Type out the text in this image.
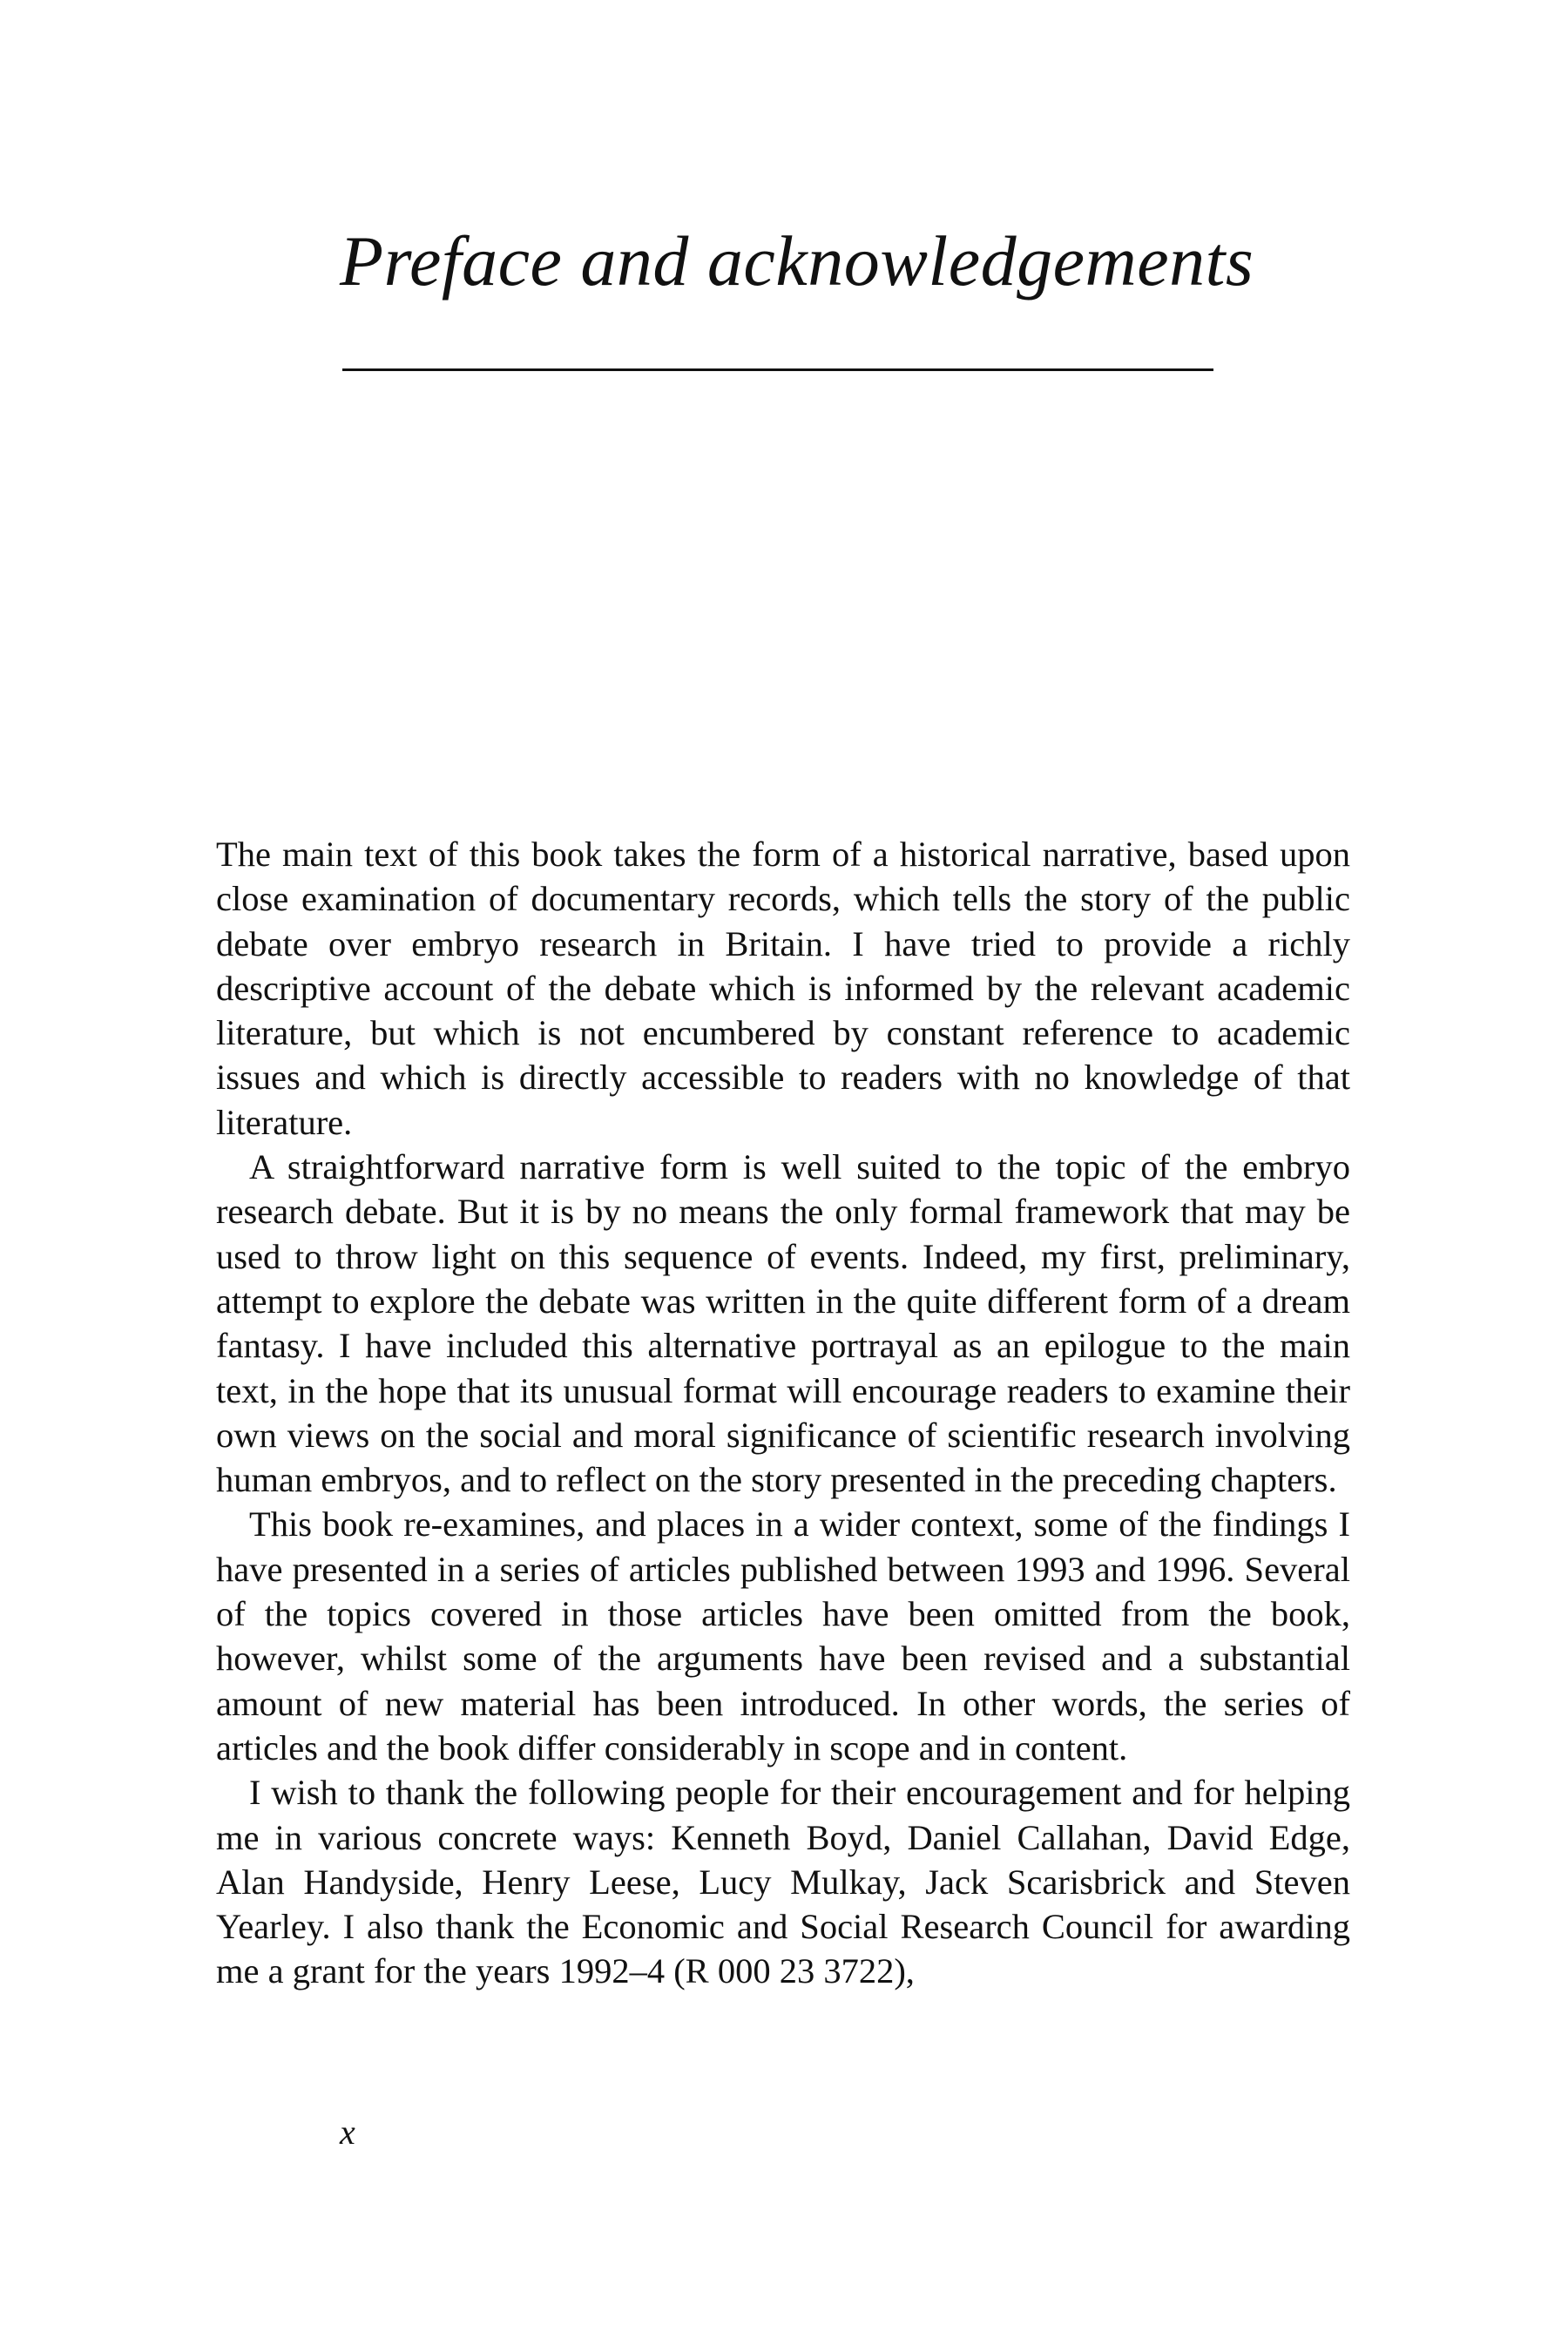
Preface and acknowledgements

The main text of this book takes the form of a historical narrative, based upon close examination of documentary records, which tells the story of the public debate over embryo research in Britain. I have tried to provide a richly descriptive account of the debate which is informed by the relevant academic literature, but which is not encumbered by constant reference to academic issues and which is directly accessible to readers with no knowledge of that literature.

A straightforward narrative form is well suited to the topic of the embryo research debate. But it is by no means the only formal framework that may be used to throw light on this sequence of events. Indeed, my first, preliminary, attempt to explore the debate was written in the quite different form of a dream fantasy. I have included this alternative portrayal as an epilogue to the main text, in the hope that its unusual format will encourage readers to examine their own views on the social and moral significance of scientific research involving human embryos, and to reflect on the story presented in the preceding chapters.

This book re-examines, and places in a wider context, some of the findings I have presented in a series of articles published between 1993 and 1996. Several of the topics covered in those articles have been omitted from the book, however, whilst some of the arguments have been revised and a substantial amount of new material has been introduced. In other words, the series of articles and the book differ considerably in scope and in content.

I wish to thank the following people for their encouragement and for helping me in various concrete ways: Kenneth Boyd, Daniel Callahan, David Edge, Alan Handyside, Henry Leese, Lucy Mulkay, Jack Scarisbrick and Steven Yearley. I also thank the Economic and Social Research Council for awarding me a grant for the years 1992–4 (R 000 23 3722),

x
